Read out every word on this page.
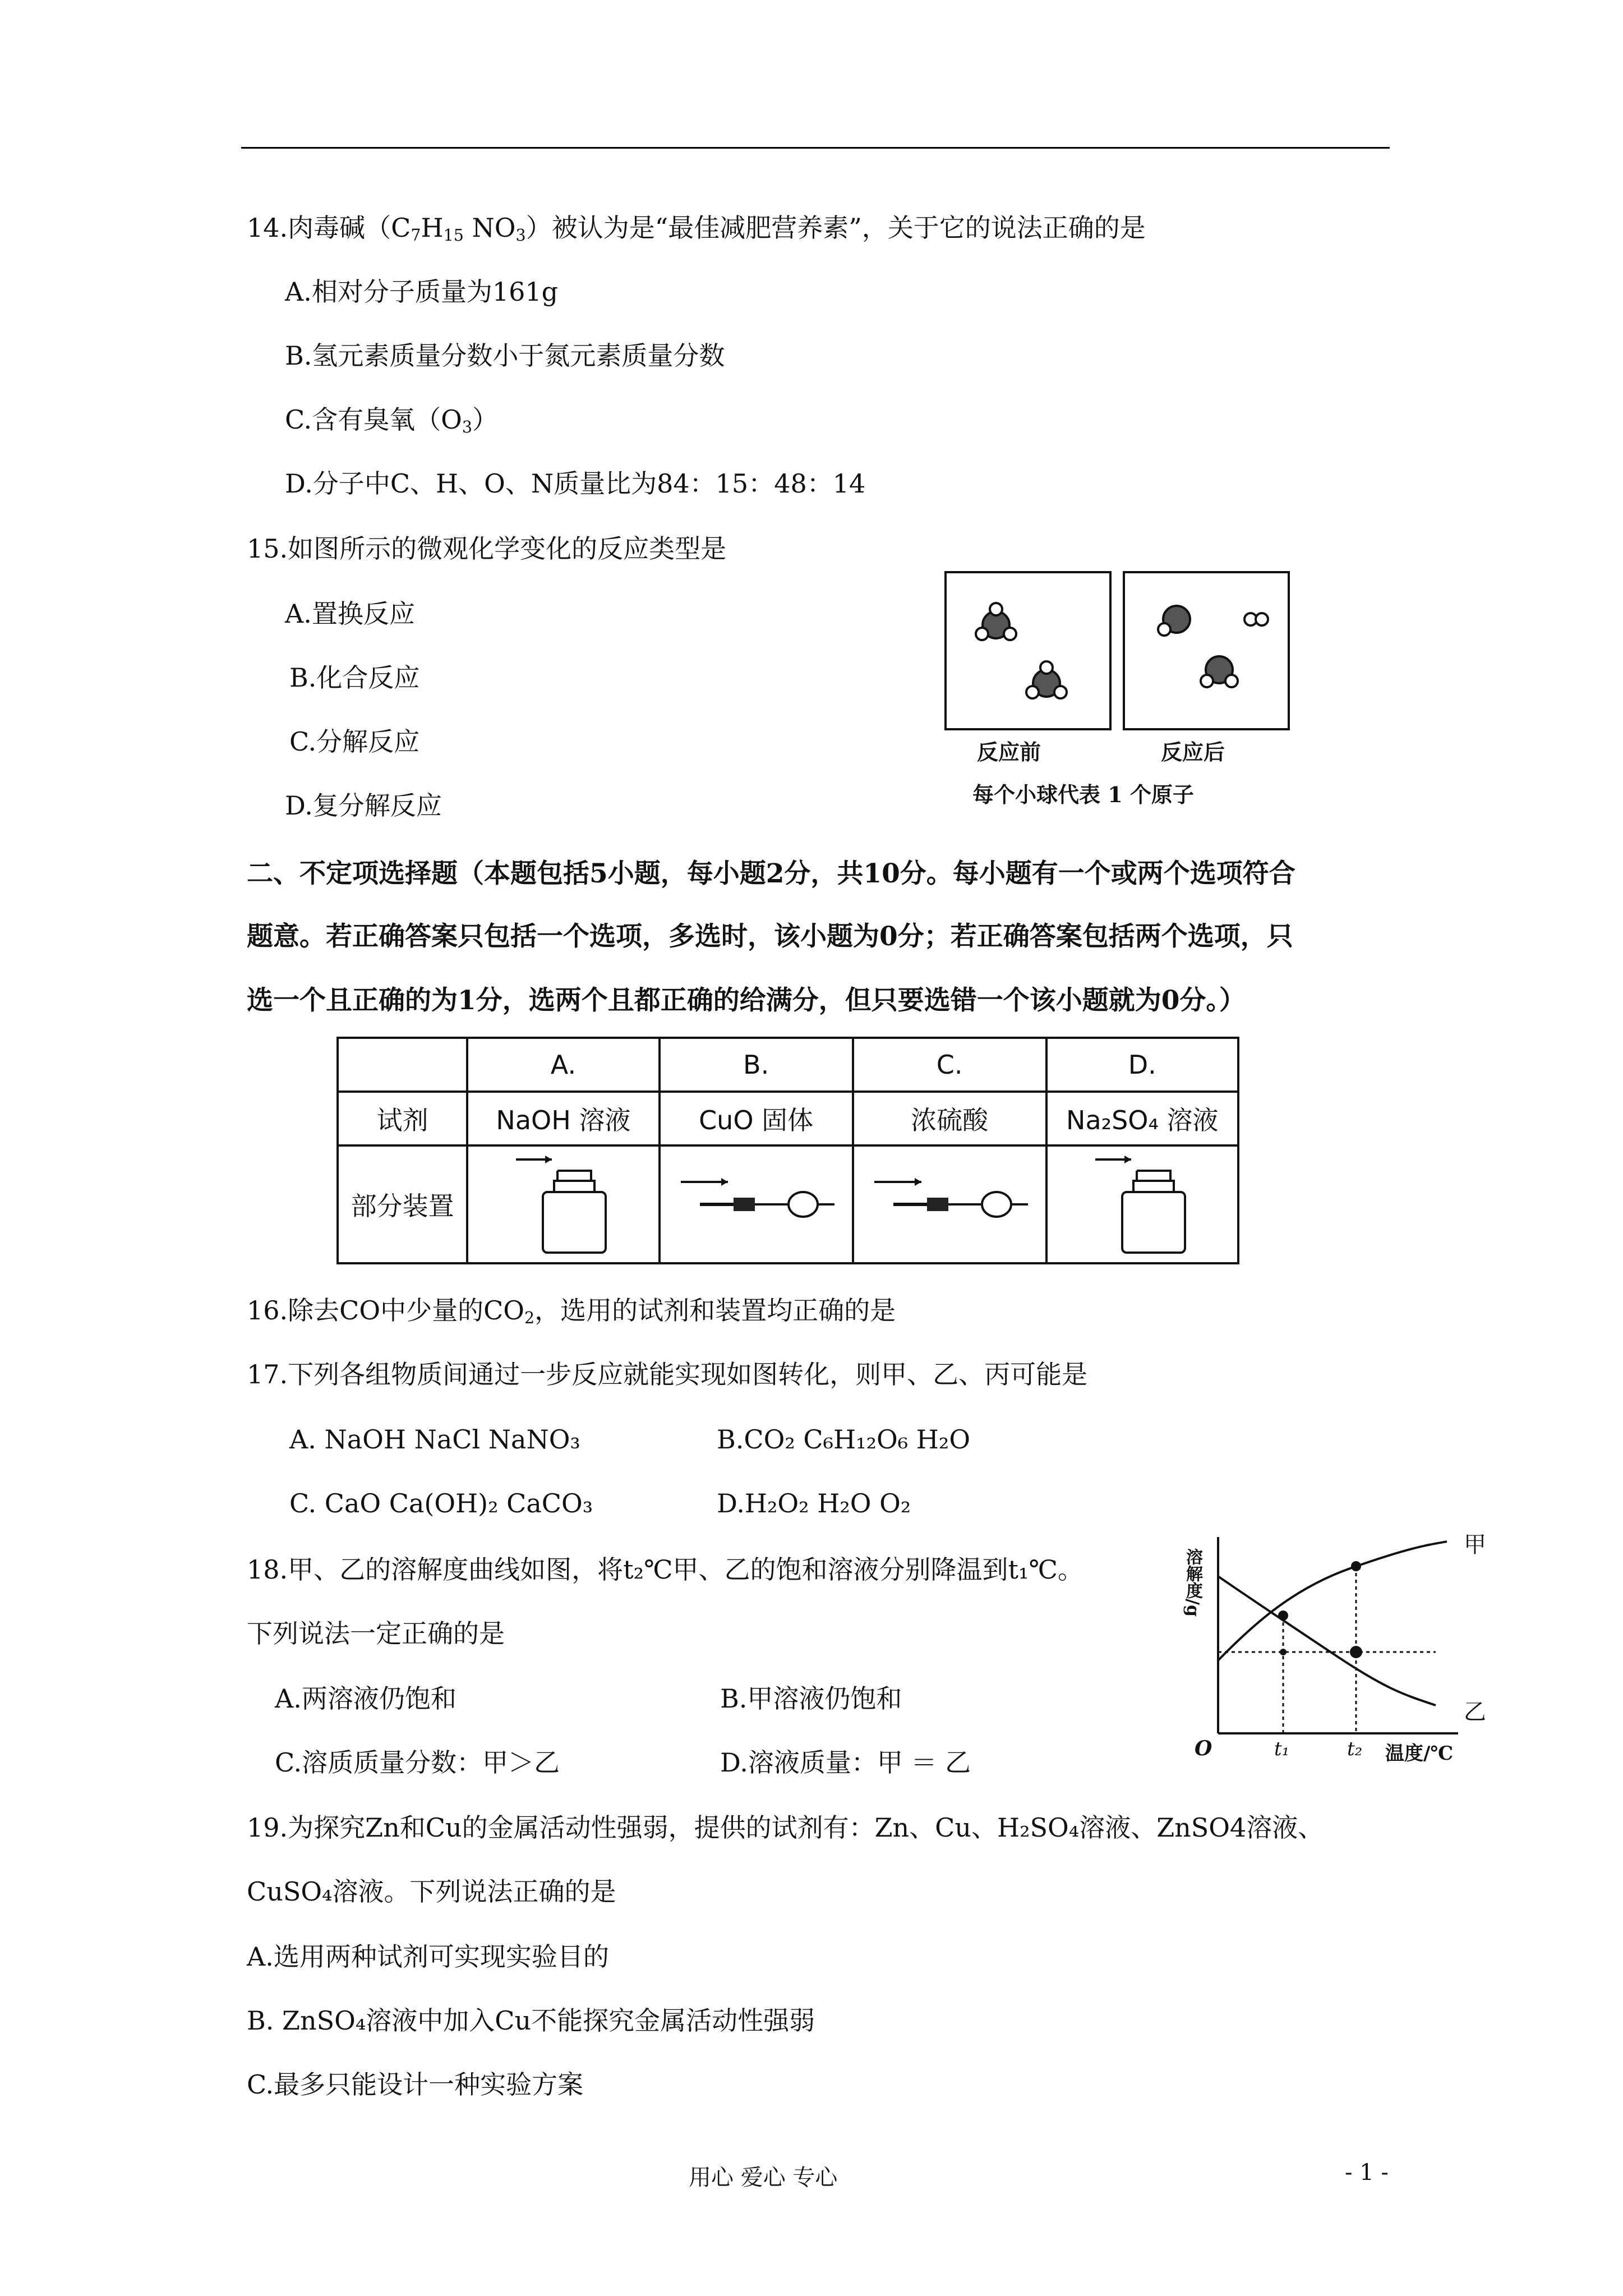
14.肉毒碱（$C_7H_{15}$ $NO_3$）被认为是“最佳减肥营养素”，关于它的说法正确的是
A.相对分子质量为161g
B.氢元素质量分数小于氮元素质量分数
C.含有臭氧$(O_3)$
D.分子中C、H、O、N质量比为84：15：48：14
15.如图所示的微观化学变化的反应类型是
A.置换反应
B.化合反应
C.分解反应
D.复分解反应
反应前	反应后
每个小球代表 1 个原子
二、不定项选择题（本题包括5小题，每小题2分，共10分。每小题有一个或两个选项符合
题意。若正确答案只包括一个选项，多选时，该小题为0分；若正确答案包括两个选项，只
选一个且正确的为1分，选两个且都正确的给满分，但只要选错一个该小题就为0分。）
	A.	B.	C.	D.
试剂	NaOH 溶液	CuO 固体	浓硫酸	Na₂SO₄ 溶液
部分装置				
16.除去CO中少量的$CO_2$，选用的试剂和装置均正确的是
17.下列各组物质间通过一步反应就能实现如图转化，则甲、乙、丙可能是
A. NaOH NaCl NaNO₃	B.CO₂ C₆H₁₂O₆ H₂O
C. CaO Ca(OH)₂ CaCO₃	D.H₂O₂ H₂O O₂
18.甲、乙的溶解度曲线如图，将t₂℃甲、乙的饱和溶液分别降温到t₁℃。
下列说法一定正确的是
A.两溶液仍饱和	B.甲溶液仍饱和
C.溶质质量分数：甲＞乙	D.溶液质量：甲 ＝ 乙
溶解度/g
温度/℃
O	t₁	t₂
甲
乙
19.为探究Zn和Cu的金属活动性强弱，提供的试剂有：Zn、Cu、H₂SO₄溶液、ZnSO4溶液、
CuSO₄溶液。下列说法正确的是
A.选用两种试剂可实现实验目的
B. ZnSO₄溶液中加入Cu不能探究金属活动性强弱
C.最多只能设计一种实验方案
用心 爱心 专心	- 1 -
